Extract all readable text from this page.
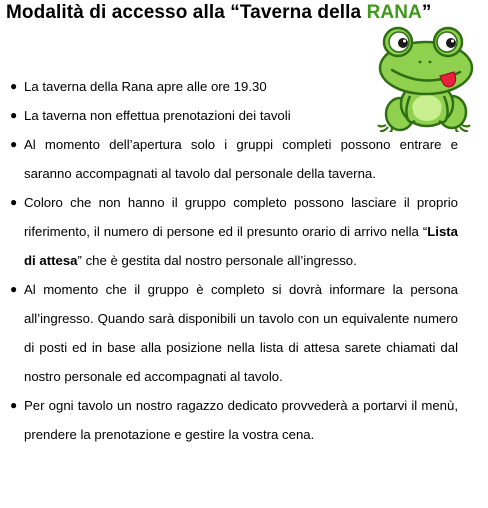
Modalità di accesso alla “Taverna della RANA”
● La taverna della Rana apre alle ore 19.30
● La taverna non effettua prenotazioni dei tavoli
● Al momento dell’apertura solo i gruppi completi possono entrare e saranno accompagnati al tavolo dal personale della taverna.
● Coloro che non hanno il gruppo completo possono lasciare il proprio riferimento, il numero di persone ed il presunto orario di arrivo nella “Lista di attesa” che è gestita dal nostro personale all’ingresso.
● Al momento che il gruppo è completo si dovrà informare la persona all’ingresso. Quando sarà disponibili un tavolo con un equivalente numero di posti ed in base alla posizione nella lista di attesa sarete chiamati dal nostro personale ed accompagnati al tavolo.
● Per ogni tavolo un nostro ragazzo dedicato provvederà a portarvi il menù, prendere la prenotazione e gestire la vostra cena.
